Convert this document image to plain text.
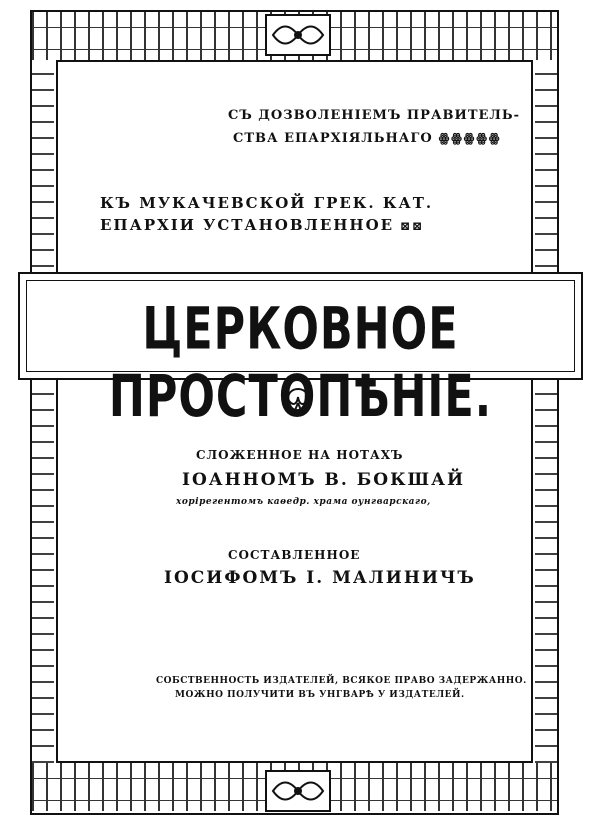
СЪ ДОЗВОЛЕНІЕМЪ ПРАВИТЕЛЬ-
СТВА ЕПАРХІЯЛЬНАГО ꙮꙮꙮꙮꙮ
КЪ МУКАЧЕВСКОЙ ГРЕК. КАТ.
ЕПАРХІИ УСТАНОВЛЕННОЕ ⊠⊠
ЦЕРКОВНОЕ ПРОСТОПѢНІЕ.
СЛОЖЕННОЕ НА НОТАХЪ
ІОАННОМЪ В. БОКШАЙ
хорірегентомъ каѳедр. храма оунгварскаго,
СОСТАВЛЕННОЕ
ІОСИФОМЪ І. МАЛИНИЧЪ
СОБСТВЕННОСТЬ ИЗДАТЕЛЕЙ, ВСЯКОЕ ПРАВО ЗАДЕРЖАННО.
МОЖНО ПОЛУЧИТИ ВЪ УНГВАРѢ У ИЗДАТЕЛЕЙ.
